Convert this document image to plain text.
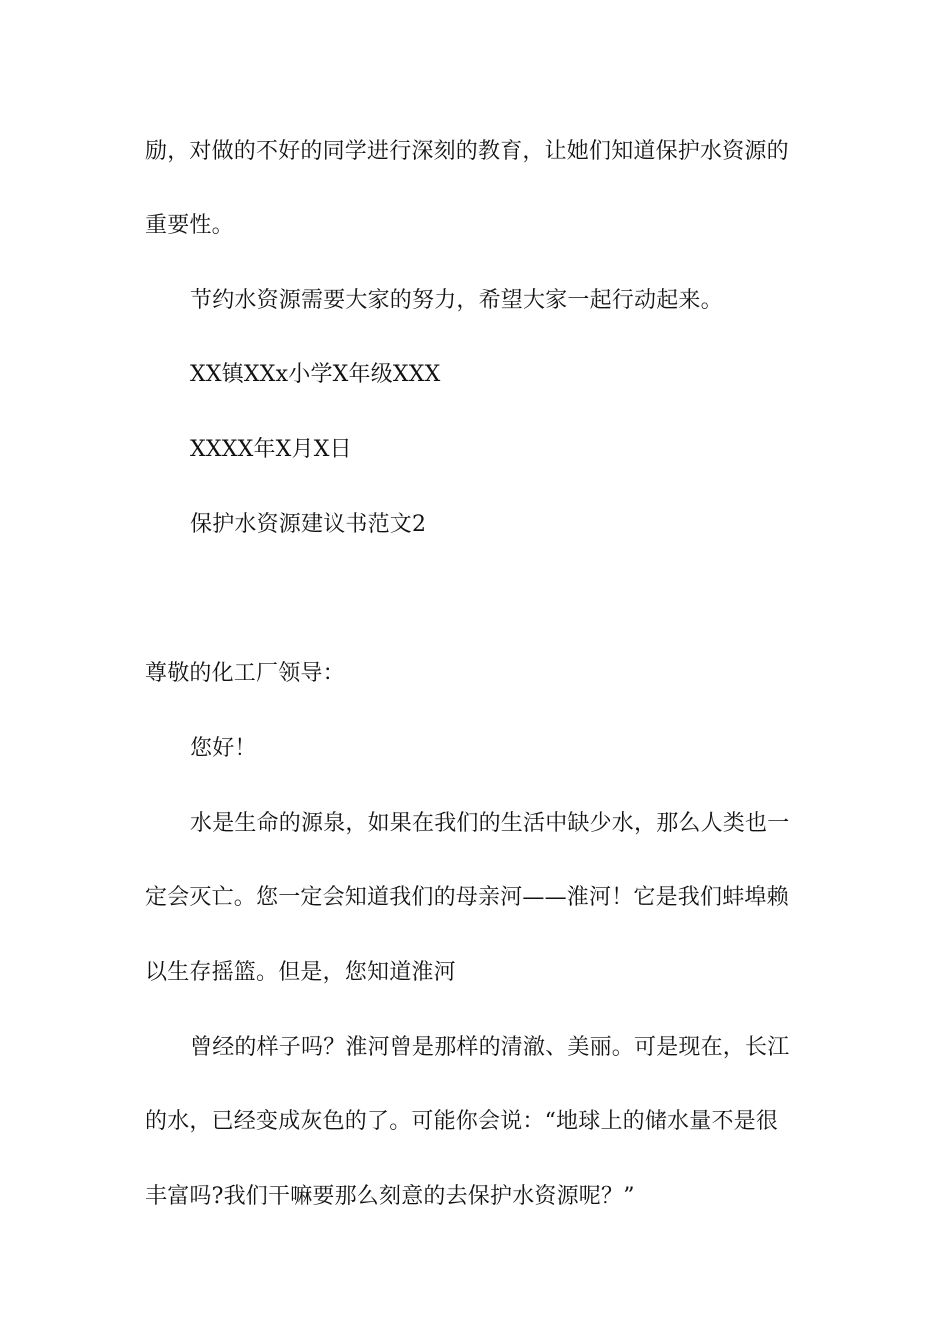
励，对做的不好的同学进行深刻的教育，让她们知道保护水资源的
重要性。
节约水资源需要大家的努力，希望大家一起行动起来。
XX镇XXx小学X年级XXX
XXXX年X月X日
保护水资源建议书范文2
尊敬的化工厂领导：
您好！
水是生命的源泉，如果在我们的生活中缺少水，那么人类也一
定会灭亡。您一定会知道我们的母亲河——淮河！它是我们蚌埠赖
以生存摇篮。但是，您知道淮河
曾经的样子吗？淮河曾是那样的清澈、美丽。可是现在，长江
的水，已经变成灰色的了。可能你会说：“地球上的储水量不是很
丰富吗?我们干嘛要那么刻意的去保护水资源呢？”
